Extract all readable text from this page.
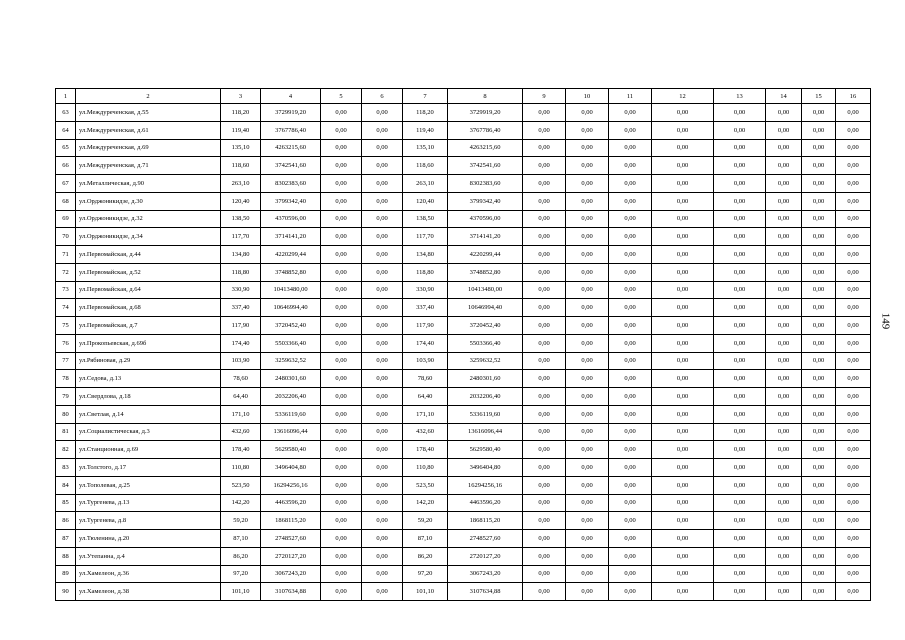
1	2	3	4	5	6	7	8	9	10	11	12	13	14	15	16
63	ул.Междуреченская, д.55	118,20	3729919,20	0,00	0,00	118,20	3729919,20	0,00	0,00	0,00	0,00	0,00	0,00	0,00	0,00
64	ул.Междуреченская, д.61	119,40	3767786,40	0,00	0,00	119,40	3767786,40	0,00	0,00	0,00	0,00	0,00	0,00	0,00	0,00
65	ул.Междуреченская, д.69	135,10	4263215,60	0,00	0,00	135,10	4263215,60	0,00	0,00	0,00	0,00	0,00	0,00	0,00	0,00
66	ул.Междуреченская, д.71	118,60	3742541,60	0,00	0,00	118,60	3742541,60	0,00	0,00	0,00	0,00	0,00	0,00	0,00	0,00
67	ул.Металлическая, д.90	263,10	8302383,60	0,00	0,00	263,10	8302383,60	0,00	0,00	0,00	0,00	0,00	0,00	0,00	0,00
68	ул.Орджоникидзе, д.30	120,40	3799342,40	0,00	0,00	120,40	3799342,40	0,00	0,00	0,00	0,00	0,00	0,00	0,00	0,00
69	ул.Орджоникидзе, д.32	138,50	4370596,00	0,00	0,00	138,50	4370596,00	0,00	0,00	0,00	0,00	0,00	0,00	0,00	0,00
70	ул.Орджоникидзе, д.34	117,70	3714141,20	0,00	0,00	117,70	3714141,20	0,00	0,00	0,00	0,00	0,00	0,00	0,00	0,00
71	ул.Первомайская, д.44	134,80	4220299,44	0,00	0,00	134,80	4220299,44	0,00	0,00	0,00	0,00	0,00	0,00	0,00	0,00
72	ул.Первомайская, д.52	118,80	3748852,80	0,00	0,00	118,80	3748852,80	0,00	0,00	0,00	0,00	0,00	0,00	0,00	0,00
73	ул.Первомайская, д.64	330,90	10413480,00	0,00	0,00	330,90	10413480,00	0,00	0,00	0,00	0,00	0,00	0,00	0,00	0,00
74	ул.Первомайская, д.68	337,40	10646994,40	0,00	0,00	337,40	10646994,40	0,00	0,00	0,00	0,00	0,00	0,00	0,00	0,00
75	ул.Первомайская, д.7	117,90	3720452,40	0,00	0,00	117,90	3720452,40	0,00	0,00	0,00	0,00	0,00	0,00	0,00	0,00
76	ул.Прокопьевская, д.69б	174,40	5503366,40	0,00	0,00	174,40	5503366,40	0,00	0,00	0,00	0,00	0,00	0,00	0,00	0,00
77	ул.Рябиновая, д.29	103,90	3259632,52	0,00	0,00	103,90	3259632,52	0,00	0,00	0,00	0,00	0,00	0,00	0,00	0,00
78	ул.Седова, д.13	78,60	2480301,60	0,00	0,00	78,60	2480301,60	0,00	0,00	0,00	0,00	0,00	0,00	0,00	0,00
79	ул.Свердлова, д.18	64,40	2032206,40	0,00	0,00	64,40	2032206,40	0,00	0,00	0,00	0,00	0,00	0,00	0,00	0,00
80	ул.Светлая, д.14	171,10	5336119,60	0,00	0,00	171,10	5336119,60	0,00	0,00	0,00	0,00	0,00	0,00	0,00	0,00
81	ул.Социалистическая, д.3	432,60	13616096,44	0,00	0,00	432,60	13616096,44	0,00	0,00	0,00	0,00	0,00	0,00	0,00	0,00
82	ул.Станционная, д.69	178,40	5629580,40	0,00	0,00	178,40	5629580,40	0,00	0,00	0,00	0,00	0,00	0,00	0,00	0,00
83	ул.Толстого, д.17	110,80	3496404,80	0,00	0,00	110,80	3496404,80	0,00	0,00	0,00	0,00	0,00	0,00	0,00	0,00
84	ул.Тополевая, д.25	523,50	16294256,16	0,00	0,00	523,50	16294256,16	0,00	0,00	0,00	0,00	0,00	0,00	0,00	0,00
85	ул.Тургенева, д.13	142,20	4463596,20	0,00	0,00	142,20	4463596,20	0,00	0,00	0,00	0,00	0,00	0,00	0,00	0,00
86	ул.Тургенева, д.8	59,20	1868115,20	0,00	0,00	59,20	1868115,20	0,00	0,00	0,00	0,00	0,00	0,00	0,00	0,00
87	ул.Тюленина, д.20	87,10	2748527,60	0,00	0,00	87,10	2748527,60	0,00	0,00	0,00	0,00	0,00	0,00	0,00	0,00
88	ул.Утепанна, д.4	86,20	2720127,20	0,00	0,00	86,20	2720127,20	0,00	0,00	0,00	0,00	0,00	0,00	0,00	0,00
89	ул.Хамелеон, д.36	97,20	3067243,20	0,00	0,00	97,20	3067243,20	0,00	0,00	0,00	0,00	0,00	0,00	0,00	0,00
90	ул.Хамелеон, д.38	101,10	3107634,88	0,00	0,00	101,10	3107634,88	0,00	0,00	0,00	0,00	0,00	0,00	0,00	0,00
149
